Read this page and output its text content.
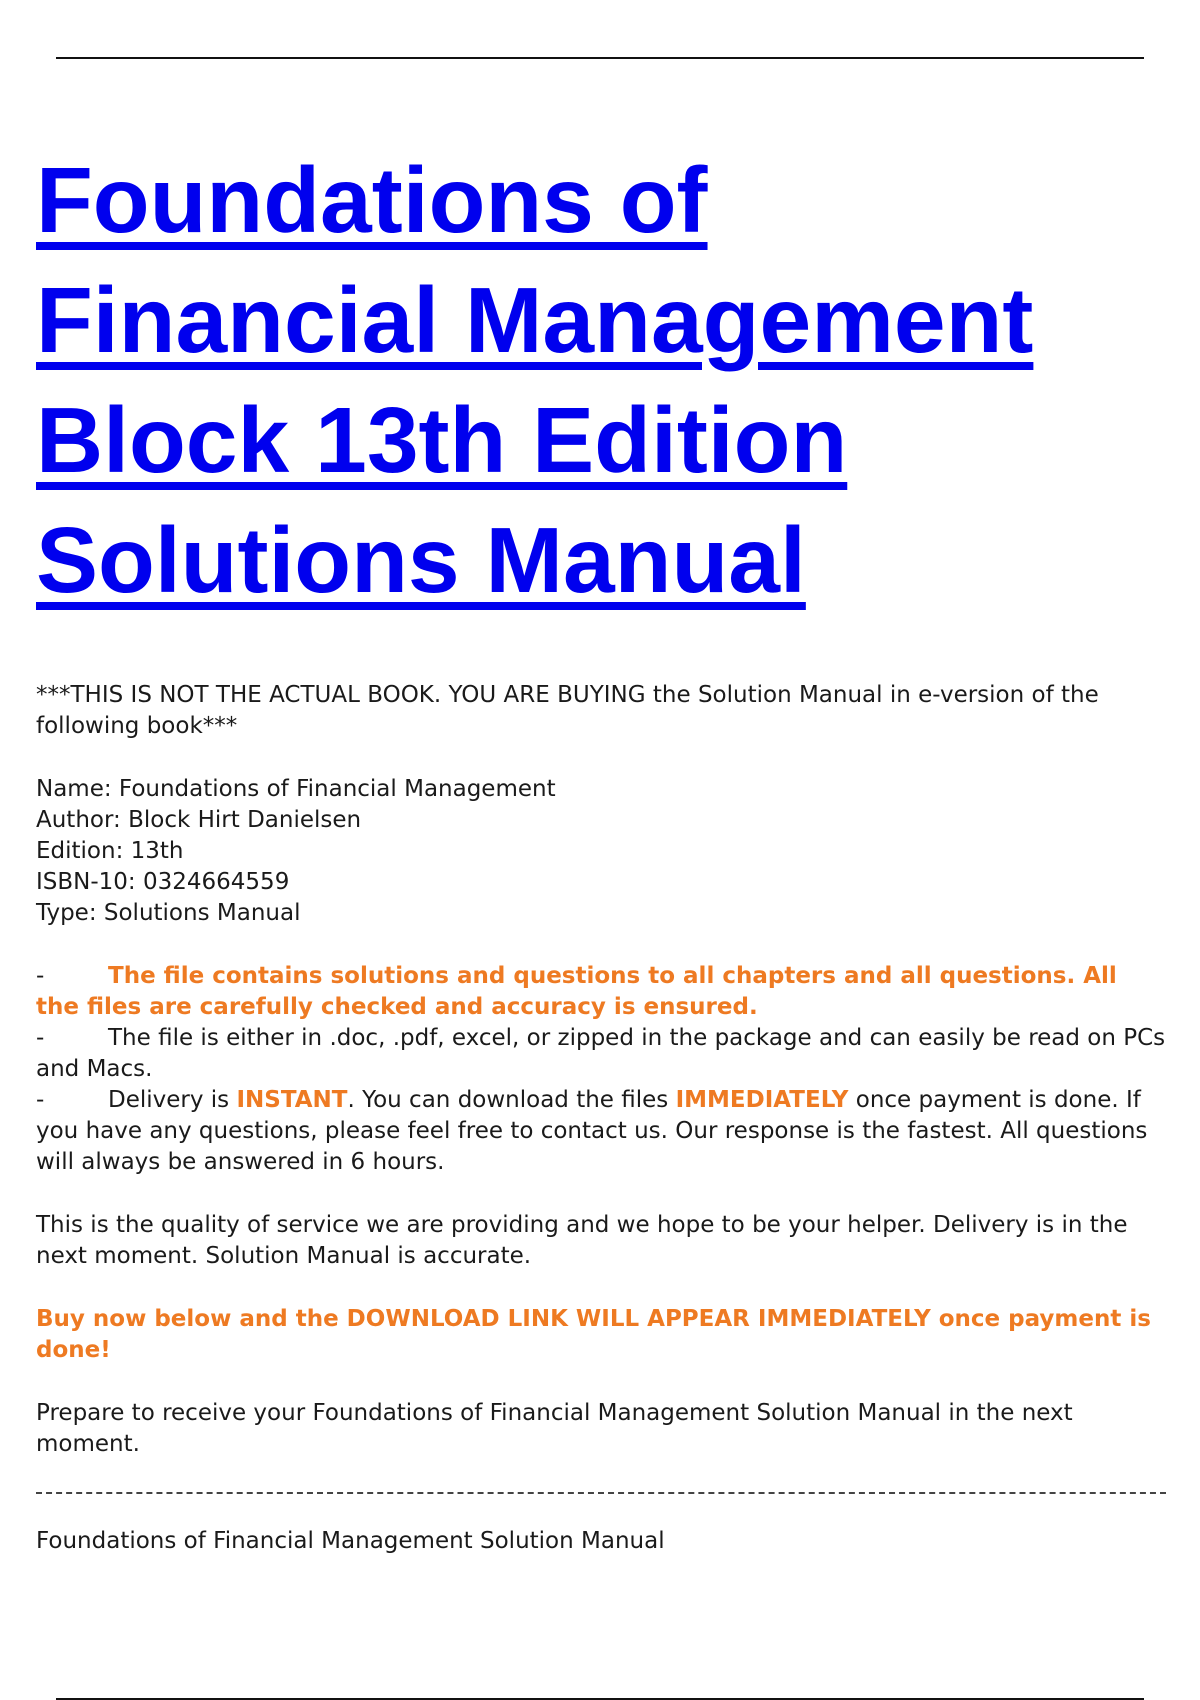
Foundations of
Financial Management
Block 13th Edition
Solutions Manual

***THIS IS NOT THE ACTUAL BOOK. YOU ARE BUYING the Solution Manual in e-version of the following book***

Name: Foundations of Financial Management

Author: Block Hirt Danielsen

Edition: 13th

ISBN-10: 0324664559

Type: Solutions Manual

-	The file contains solutions and questions to all chapters and all questions. All the files are carefully checked and accuracy is ensured.

-	The file is either in .doc, .pdf, excel, or zipped in the package and can easily be read on PCs and Macs.

-	Delivery is INSTANT. You can download the files IMMEDIATELY once payment is done. If you have any questions, please feel free to contact us. Our response is the fastest. All questions will always be answered in 6 hours.

This is the quality of service we are providing and we hope to be your helper. Delivery is in the next moment. Solution Manual is accurate.

Buy now below and the DOWNLOAD LINK WILL APPEAR IMMEDIATELY once payment is done!

Prepare to receive your Foundations of Financial Management Solution Manual in the next moment.

Foundations of Financial Management Solution Manual
